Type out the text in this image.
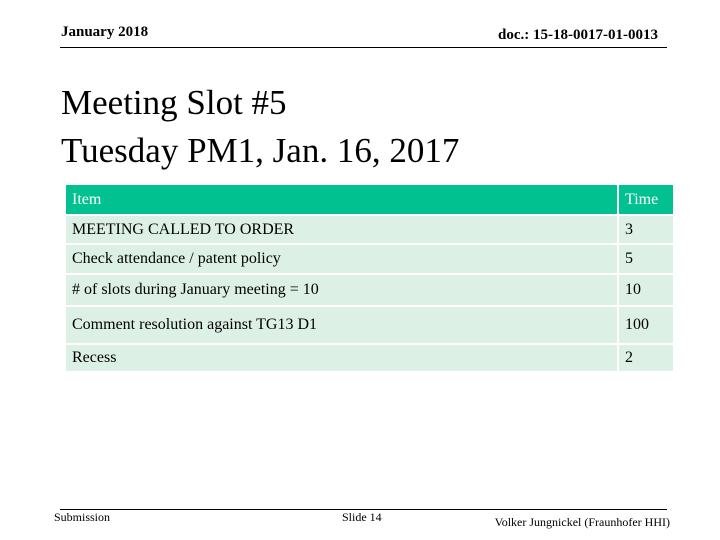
January 2018	doc.: 15-18-0017-01-0013
Meeting Slot #5
Tuesday PM1, Jan. 16, 2017
Item	Time
MEETING CALLED TO ORDER	3
Check attendance / patent policy	5
# of slots during January meeting = 10	10
Comment resolution against TG13 D1	100
Recess	2
Submission	Slide 14	Volker Jungnickel (Fraunhofer HHI)
